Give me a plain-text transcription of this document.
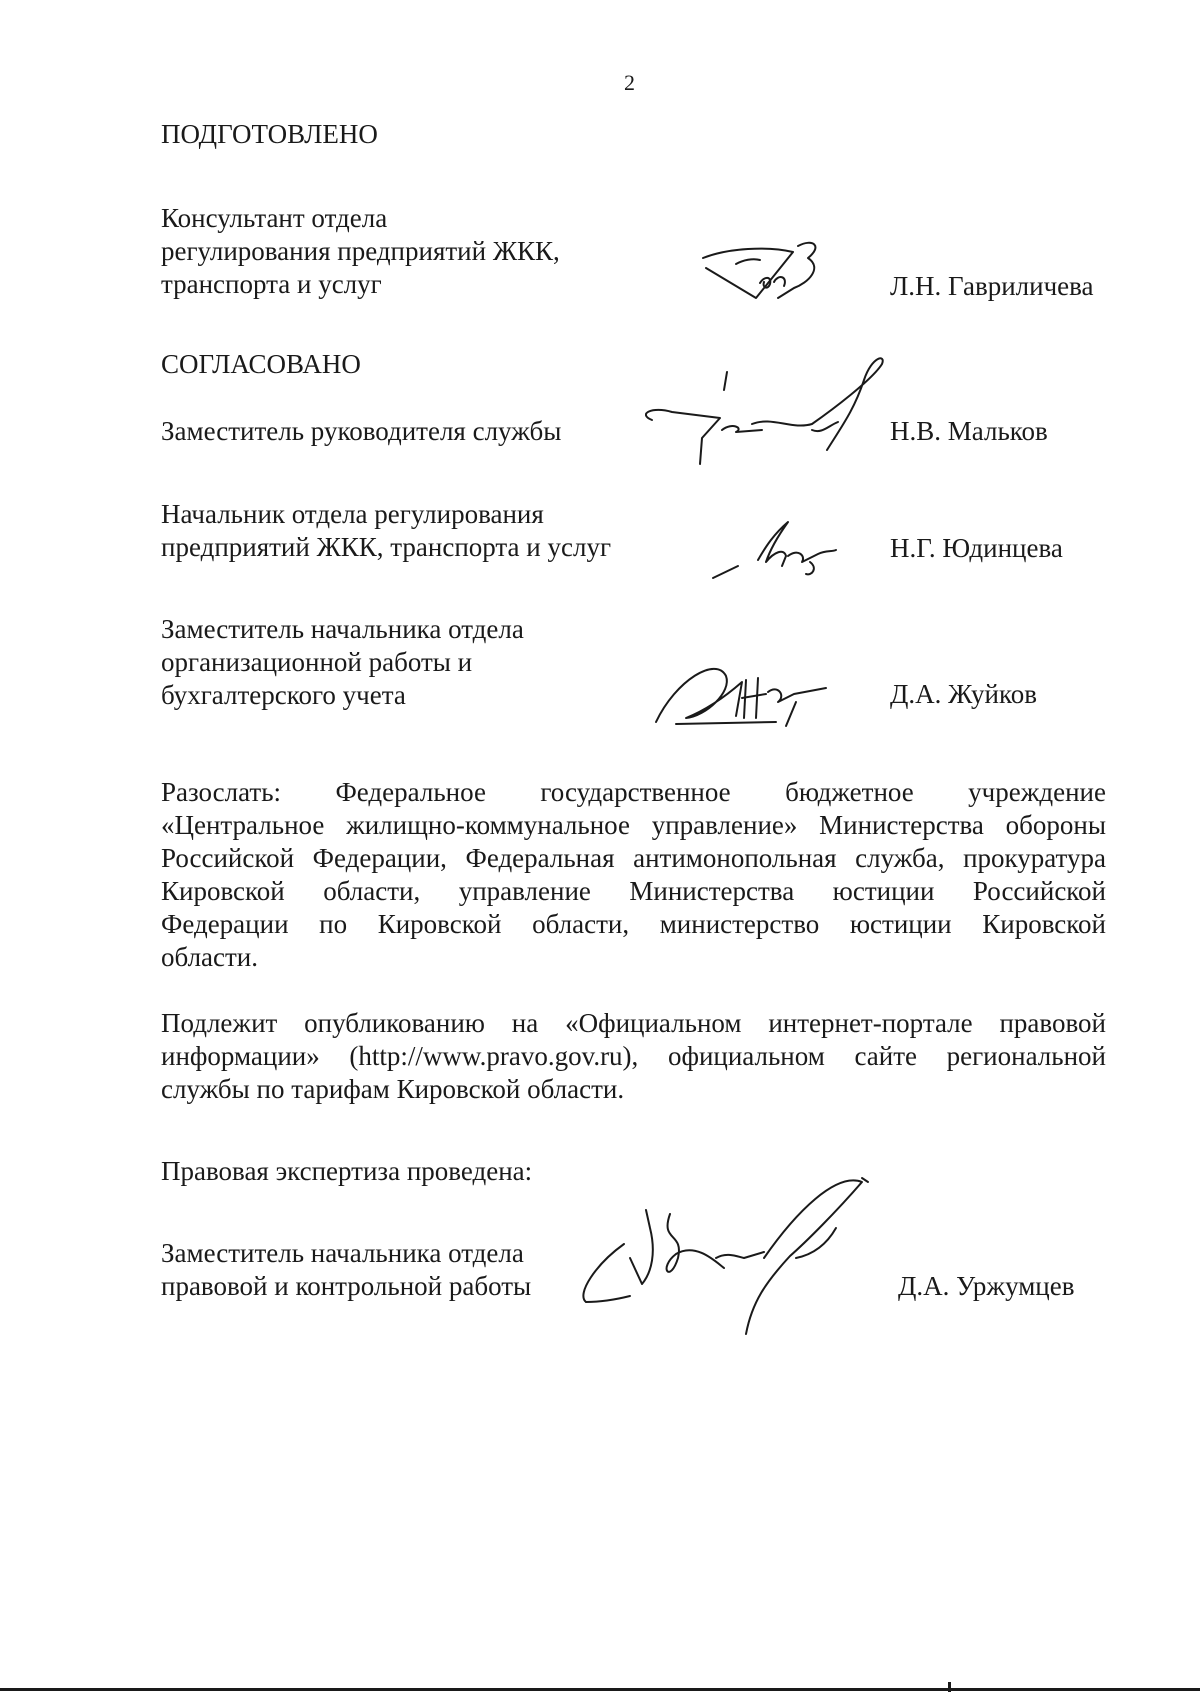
2
ПОДГОТОВЛЕНО
Консультант отдела
регулирования предприятий ЖКК,
транспорта и услуг	Л.Н. Гавриличева
СОГЛАСОВАНО
Заместитель руководителя службы	Н.В. Мальков
Начальник отдела регулирования
предприятий ЖКК, транспорта и услуг	Н.Г. Юдинцева
Заместитель начальника отдела
организационной работы и
бухгалтерского учета	Д.А. Жуйков
Разослать: Федеральное государственное бюджетное учреждение
«Центральное жилищно-коммунальное управление» Министерства обороны
Российской Федерации, Федеральная антимонопольная служба, прокуратура
Кировской области, управление Министерства юстиции Российской
Федерации по Кировской области, министерство юстиции Кировской
области.
Подлежит опубликованию на «Официальном интернет-портале правовой
информации» (http://www.pravo.gov.ru), официальном сайте региональной
службы по тарифам Кировской области.
Правовая экспертиза проведена:
Заместитель начальника отдела
правовой и контрольной работы	Д.А. Уржумцев
